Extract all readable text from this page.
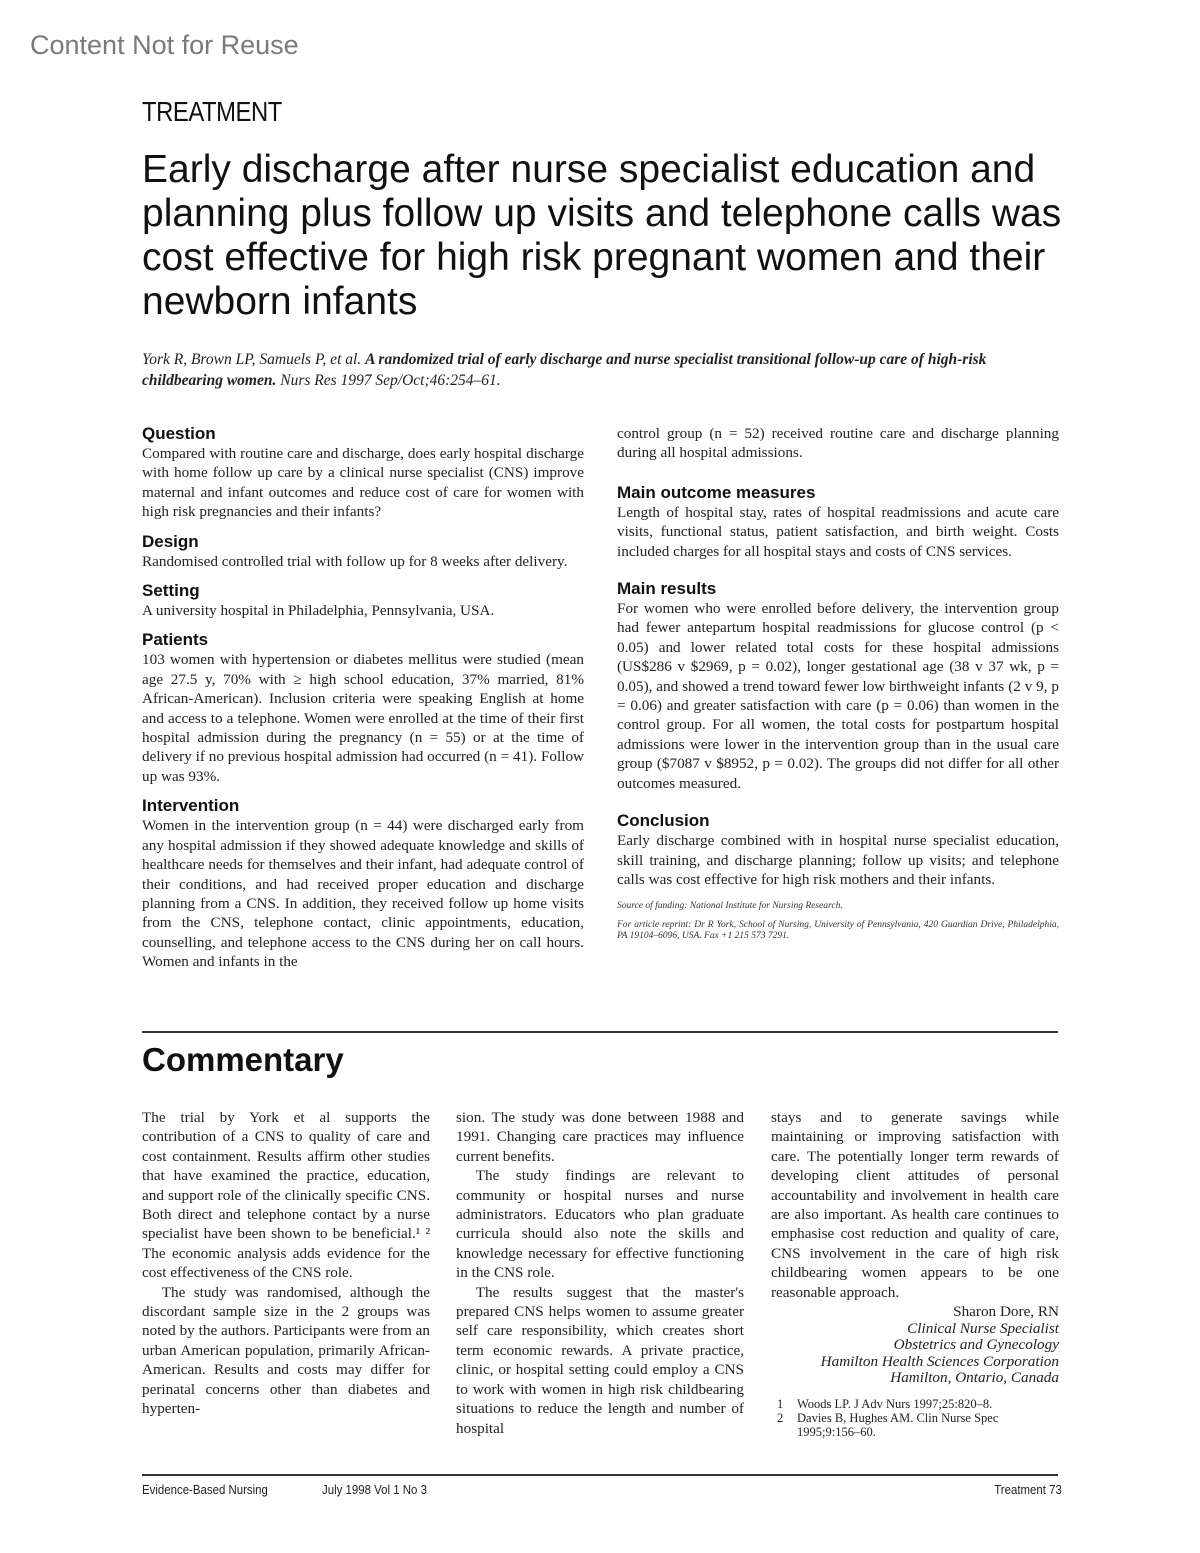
Content Not for Reuse
TREATMENT
Early discharge after nurse specialist education and planning plus follow up visits and telephone calls was cost effective for high risk pregnant women and their newborn infants
York R, Brown LP, Samuels P, et al. A randomized trial of early discharge and nurse specialist transitional follow-up care of high-risk childbearing women. Nurs Res 1997 Sep/Oct;46:254–61.
Question

Compared with routine care and discharge, does early hospital discharge with home follow up care by a clinical nurse specialist (CNS) improve maternal and infant outcomes and reduce cost of care for women with high risk pregnancies and their infants?

Design

Randomised controlled trial with follow up for 8 weeks after delivery.

Setting

A university hospital in Philadelphia, Pennsylvania, USA.

Patients

103 women with hypertension or diabetes mellitus were studied (mean age 27.5 y, 70% with ≥ high school education, 37% married, 81% African-American). Inclusion criteria were speaking English at home and access to a telephone. Women were enrolled at the time of their first hospital admission during the pregnancy (n = 55) or at the time of delivery if no previous hospital admission had occurred (n = 41). Follow up was 93%.

Intervention

Women in the intervention group (n = 44) were discharged early from any hospital admission if they showed adequate knowledge and skills of healthcare needs for themselves and their infant, had adequate control of their conditions, and had received proper education and discharge planning from a CNS. In addition, they received follow up home visits from the CNS, telephone contact, clinic appointments, education, counselling, and telephone access to the CNS during her on call hours. Women and infants in the

control group (n = 52) received routine care and discharge planning during all hospital admissions.

Main outcome measures

Length of hospital stay, rates of hospital readmissions and acute care visits, functional status, patient satisfaction, and birth weight. Costs included charges for all hospital stays and costs of CNS services.

Main results

For women who were enrolled before delivery, the intervention group had fewer antepartum hospital readmissions for glucose control (p < 0.05) and lower related total costs for these hospital admissions (US$286 v $2969, p = 0.02), longer gestational age (38 v 37 wk, p = 0.05), and showed a trend toward fewer low birthweight infants (2 v 9, p = 0.06) and greater satisfaction with care (p = 0.06) than women in the control group. For all women, the total costs for postpartum hospital admissions were lower in the intervention group than in the usual care group ($7087 v $8952, p = 0.02). The groups did not differ for all other outcomes measured.

Conclusion

Early discharge combined with in hospital nurse specialist education, skill training, and discharge planning; follow up visits; and telephone calls was cost effective for high risk mothers and their infants.

Source of funding: National Institute for Nursing Research.

For article reprint: Dr R York, School of Nursing, University of Pennsylvania, 420 Guardian Drive, Philadelphia, PA 19104–6096, USA. Fax +1 215 573 7291.

Commentary

The trial by York et al supports the contribution of a CNS to quality of care and cost containment. Results affirm other studies that have examined the practice, education, and support role of the clinically specific CNS. Both direct and telephone contact by a nurse specialist have been shown to be beneficial.¹ ² The economic analysis adds evidence for the cost effectiveness of the CNS role.

The study was randomised, although the discordant sample size in the 2 groups was noted by the authors. Participants were from an urban American population, primarily African-American. Results and costs may differ for perinatal concerns other than diabetes and hyperten-

sion. The study was done between 1988 and 1991. Changing care practices may influence current benefits.

The study findings are relevant to community or hospital nurses and nurse administrators. Educators who plan graduate curricula should also note the skills and knowledge necessary for effective functioning in the CNS role.

The results suggest that the master's prepared CNS helps women to assume greater self care responsibility, which creates short term economic rewards. A private practice, clinic, or hospital setting could employ a CNS to work with women in high risk childbearing situations to reduce the length and number of hospital

stays and to generate savings while maintaining or improving satisfaction with care. The potentially longer term rewards of developing client attitudes of personal accountability and involvement in health care are also important. As health care continues to emphasise cost reduction and quality of care, CNS involvement in the care of high risk childbearing women appears to be one reasonable approach.

Sharon Dore, RN
Clinical Nurse Specialist
Obstetrics and Gynecology
Hamilton Health Sciences Corporation
Hamilton, Ontario, Canada
1	Woods LP. J Adv Nurs 1997;25:820–8.
2	Davies B, Hughes AM. Clin Nurse Spec 1995;9:156–60.
Evidence-Based Nursing	July 1998 Vol 1 No 3	Treatment 73
